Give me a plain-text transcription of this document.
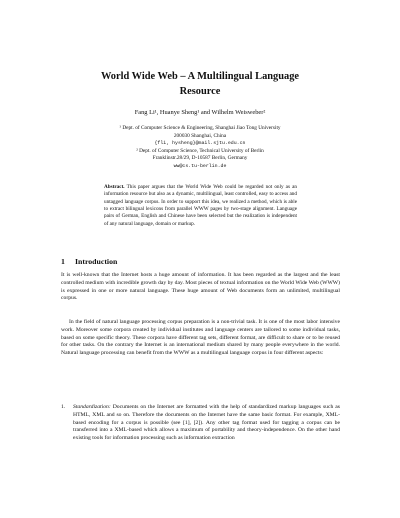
World Wide Web – A Multilingual Language
Resource
Fang Li¹, Huanye Sheng¹ and Wilhelm Weisweber²
¹ Dept. of Computer Science & Engineering, Shanghai Jiao Tong University
200030 Shanghai, China
{fli, hysheng}@mail.sjtu.edu.cn
² Dept. of Computer Science, Technical University of Berlin
Franklinstr.28/29, D-10587 Berlin, Germany
ww@cs.tu-berlin.de
Abstract. This paper argues that the World Wide Web could be regarded not only as an information resource but also as a dynamic, multilingual, least controlled, easy to access and untagged language corpus. In order to support this idea, we realized a method, which is able to extract bilingual lexicons from parallel WWW pages by two-stage alignment. Language pairs of German, English and Chinese have been selected but the realization is independent of any natural language, domain or markup.
1 Introduction
It is well-known that the Internet hosts a huge amount of information. It has been regarded as the largest and the least controlled medium with incredible growth day by day. Most pieces of textual information on the World Wide Web (WWW) is expressed in one or more natural language. These huge amount of Web documents form an unlimited, multilingual corpus.
In the field of natural language processing corpus preparation is a non-trivial task. It is one of the most labor intensive work. Moreover some corpora created by individual institutes and language centers are tailored to some individual tasks, based on some specific theory. These corpora have different tag sets, different format, are difficult to share or to be reused for other tasks. On the contrary the Internet is an international medium shared by many people everywhere in the world. Natural language processing can benefit from the WWW as a multilingual language corpus in four different aspects:
1. Standardization: Documents on the Internet are formatted with the help of standardized markup languages such as HTML, XML and so on. Therefore the documents on the Internet have the same basic format. For example, XML-based encoding for a corpus is possible (see [1], [2]). Any other tag format used for tagging a corpus can be transferred into a XML-based which allows a maximum of portability and theory-independence. On the other hand existing tools for information processing such as information extraction
